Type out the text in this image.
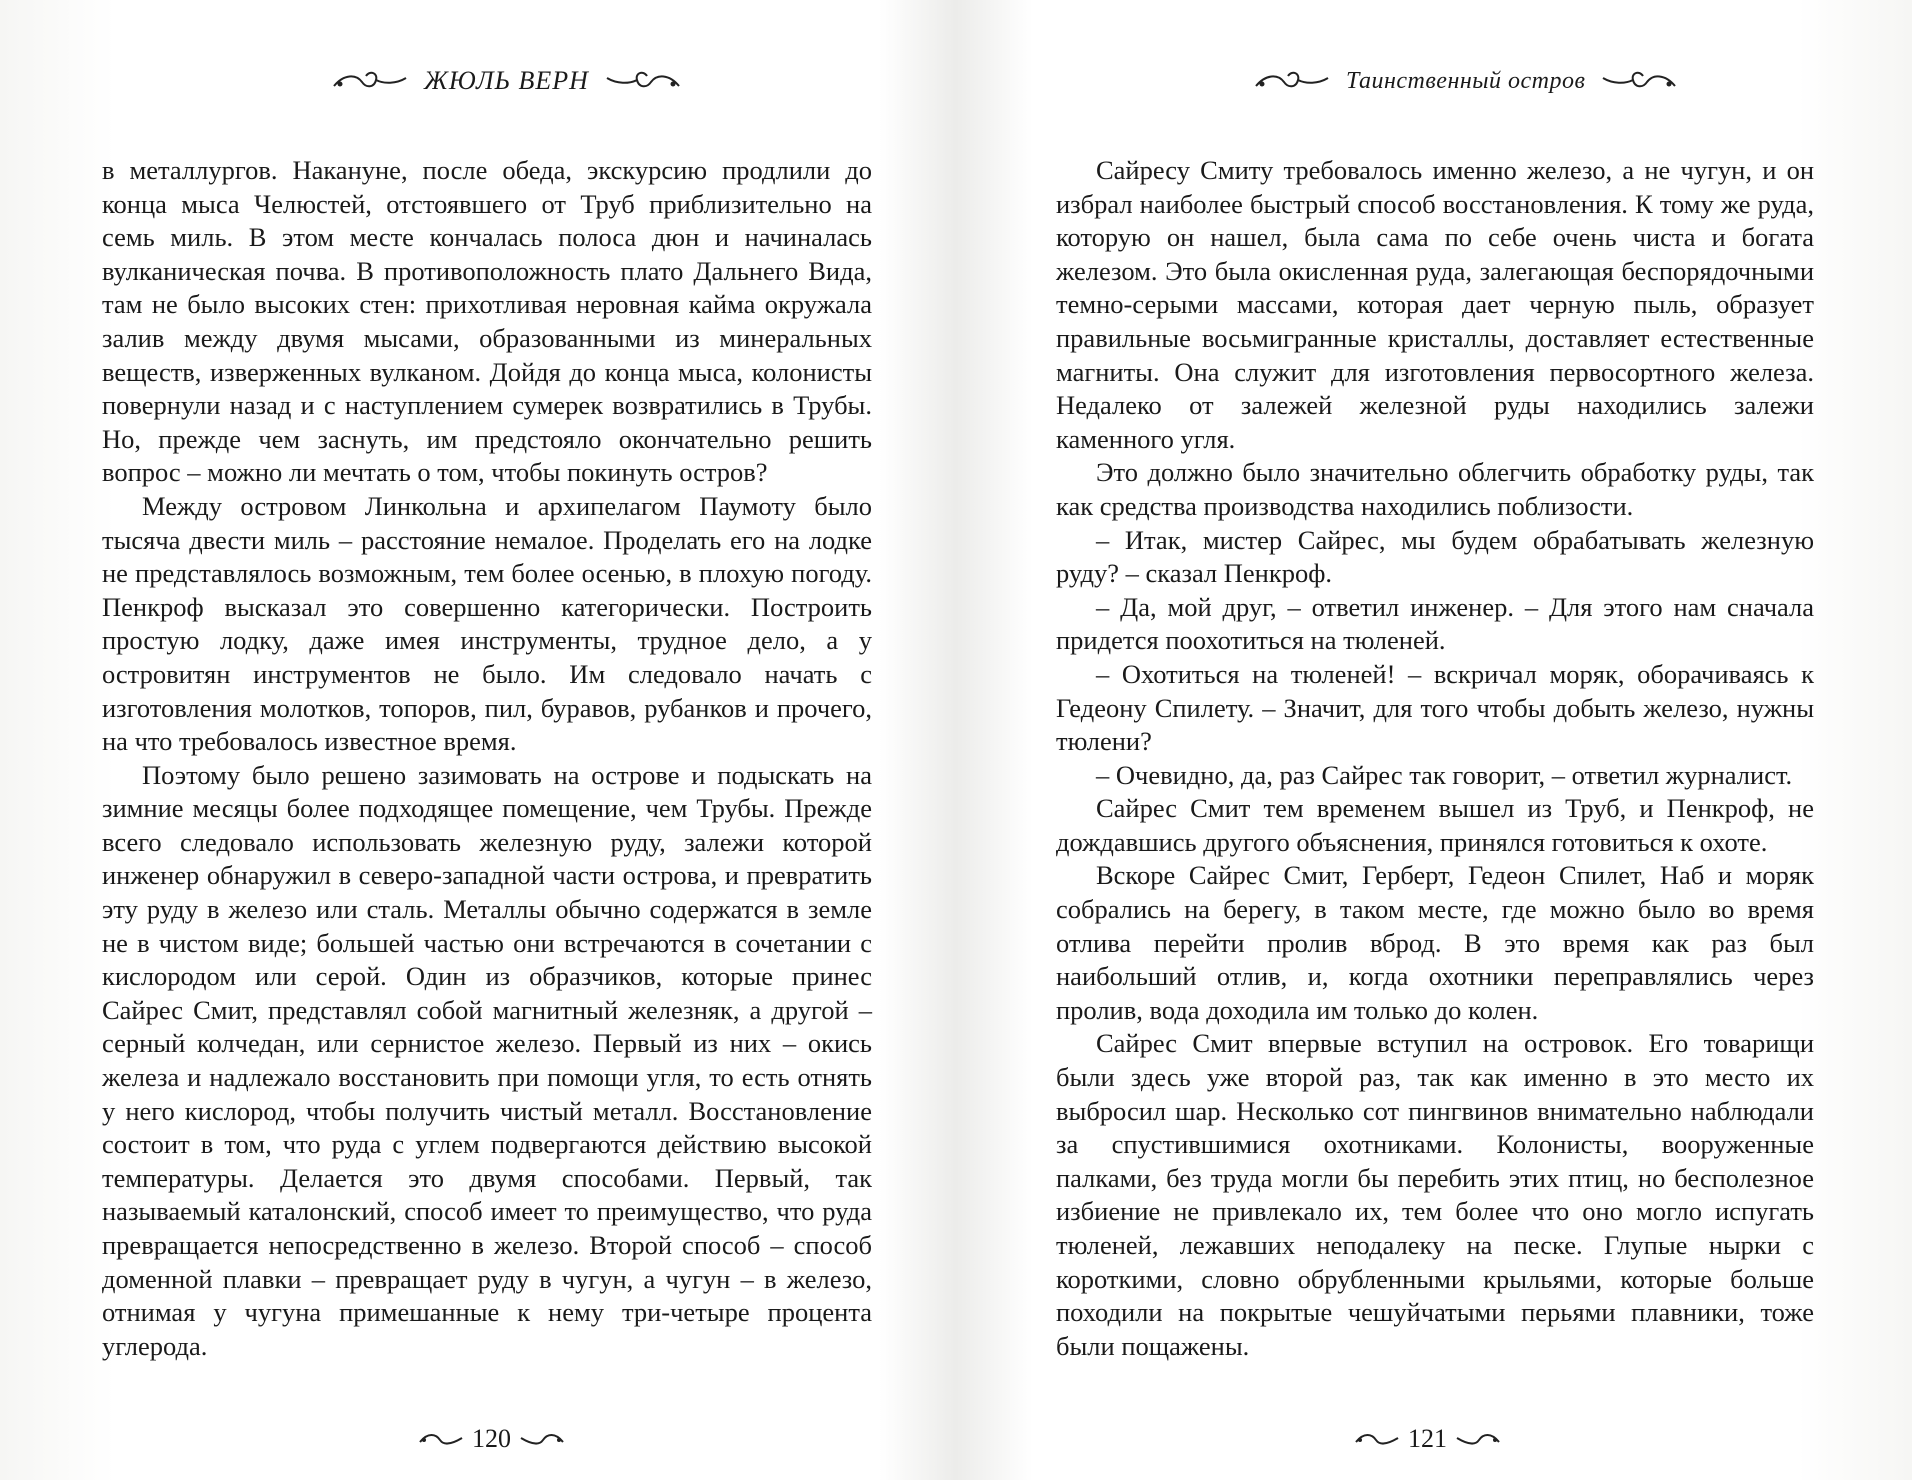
ЖЮЛЬ ВЕРН

в металлургов. Накануне, после обеда, экскурсию продлили до конца мыса Челюстей, отстоявшего от Труб приблизительно на семь миль. В этом месте кончалась полоса дюн и начиналась вулканическая почва. В противоположность плато Дальнего Вида, там не было высоких стен: прихотливая неровная кайма окружала залив между двумя мысами, образованными из минеральных веществ, изверженных вулканом. Дойдя до конца мыса, колонисты повернули назад и с наступлением сумерек возвратились в Трубы. Но, прежде чем заснуть, им предстояло окончательно решить вопрос – можно ли мечтать о том, чтобы покинуть остров?

Между островом Линкольна и архипелагом Паумоту было тысяча двести миль – расстояние немалое. Проделать его на лодке не представлялось возможным, тем более осенью, в плохую погоду. Пенкроф высказал это совершенно категорически. Построить простую лодку, даже имея инструменты, трудное дело, а у островитян инструментов не было. Им следовало начать с изготовления молотков, топоров, пил, буравов, рубанков и прочего, на что требовалось известное время.

Поэтому было решено зазимовать на острове и подыскать на зимние месяцы более подходящее помещение, чем Трубы. Прежде всего следовало использовать железную руду, залежи которой инженер обнаружил в северо-западной части острова, и превратить эту руду в железо или сталь. Металлы обычно содержатся в земле не в чистом виде; большей частью они встречаются в сочетании с кислородом или серой. Один из образчиков, которые принес Сайрес Смит, представлял собой магнитный железняк, а другой – серный колчедан, или сернистое железо. Первый из них – окись железа и надлежало восстановить при помощи угля, то есть отнять у него кислород, чтобы получить чистый металл. Восстановление состоит в том, что руда с углем подвергаются действию высокой температуры. Делается это двумя способами. Первый, так называемый каталонский, способ имеет то преимущество, что руда превращается непосредственно в железо. Второй способ – способ доменной плавки – превращает руду в чугун, а чугун – в железо, отнимая у чугуна примешанные к нему три-четыре процента углерода.

120
Таинственный остров

Сайресу Смиту требовалось именно железо, а не чугун, и он избрал наиболее быстрый способ восстановления. К тому же руда, которую он нашел, была сама по себе очень чиста и богата железом. Это была окисленная руда, залегающая беспорядочными темно-серыми массами, которая дает черную пыль, образует правильные восьмигранные кристаллы, доставляет естественные магниты. Она служит для изготовления первосортного железа. Недалеко от залежей железной руды находились залежи каменного угля.

Это должно было значительно облегчить обработку руды, так как средства производства находились поблизости.

– Итак, мистер Сайрес, мы будем обрабатывать железную руду? – сказал Пенкроф.

– Да, мой друг, – ответил инженер. – Для этого нам сначала придется поохотиться на тюленей.

– Охотиться на тюленей! – вскричал моряк, оборачиваясь к Гедеону Спилету. – Значит, для того чтобы добыть железо, нужны тюлени?

– Очевидно, да, раз Сайрес так говорит, – ответил журналист.

Сайрес Смит тем временем вышел из Труб, и Пенкроф, не дождавшись другого объяснения, принялся готовиться к охоте.

Вскоре Сайрес Смит, Герберт, Гедеон Спилет, Наб и моряк собрались на берегу, в таком месте, где можно было во время отлива перейти пролив вброд. В это время как раз был наибольший отлив, и, когда охотники переправлялись через пролив, вода доходила им только до колен.

Сайрес Смит впервые вступил на островок. Его товарищи были здесь уже второй раз, так как именно в это место их выбросил шар. Несколько сот пингвинов внимательно наблюдали за спустившимися охотниками. Колонисты, вооруженные палками, без труда могли бы перебить этих птиц, но бесполезное избиение не привлекало их, тем более что оно могло испугать тюленей, лежавших неподалеку на песке. Глупые нырки с короткими, словно обрубленными крыльями, которые больше походили на покрытые чешуйчатыми перьями плавники, тоже были пощажены.

121
